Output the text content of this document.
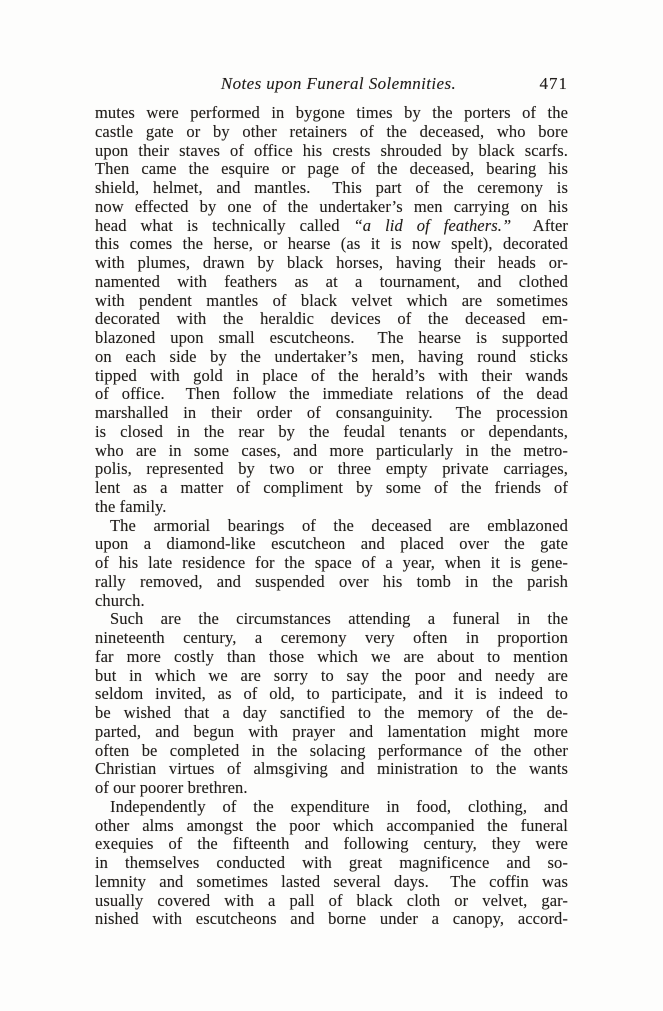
Notes upon Funeral Solemnities.	471
mutes were performed in bygone times by the porters of the
castle gate or by other retainers of the deceased, who bore
upon their staves of office his crests shrouded by black scarfs.
Then came the esquire or page of the deceased, bearing his
shield, helmet, and mantles.  This part of the ceremony is
now effected by one of the undertaker’s men carrying on his
head what is technically called “a lid of feathers.”  After
this comes the herse, or hearse (as it is now spelt), decorated
with plumes, drawn by black horses, having their heads or-
namented with feathers as at a tournament, and clothed
with pendent mantles of black velvet which are sometimes
decorated with the heraldic devices of the deceased em-
blazoned upon small escutcheons.  The hearse is supported
on each side by the undertaker’s men, having round sticks
tipped with gold in place of the herald’s with their wands
of office.  Then follow the immediate relations of the dead
marshalled in their order of consanguinity.  The procession
is closed in the rear by the feudal tenants or dependants,
who are in some cases, and more particularly in the metro-
polis, represented by two or three empty private carriages,
lent as a matter of compliment by some of the friends of
the family.
The armorial bearings of the deceased are emblazoned
upon a diamond-like escutcheon and placed over the gate
of his late residence for the space of a year, when it is gene-
rally removed, and suspended over his tomb in the parish
church.
Such are the circumstances attending a funeral in the
nineteenth century, a ceremony very often in proportion
far more costly than those which we are about to mention
but in which we are sorry to say the poor and needy are
seldom invited, as of old, to participate, and it is indeed to
be wished that a day sanctified to the memory of the de-
parted, and begun with prayer and lamentation might more
often be completed in the solacing performance of the other
Christian virtues of almsgiving and ministration to the wants
of our poorer brethren.
Independently of the expenditure in food, clothing, and
other alms amongst the poor which accompanied the funeral
exequies of the fifteenth and following century, they were
in themselves conducted with great magnificence and so-
lemnity and sometimes lasted several days.  The coffin was
usually covered with a pall of black cloth or velvet, gar-
nished with escutcheons and borne under a canopy, accord-
